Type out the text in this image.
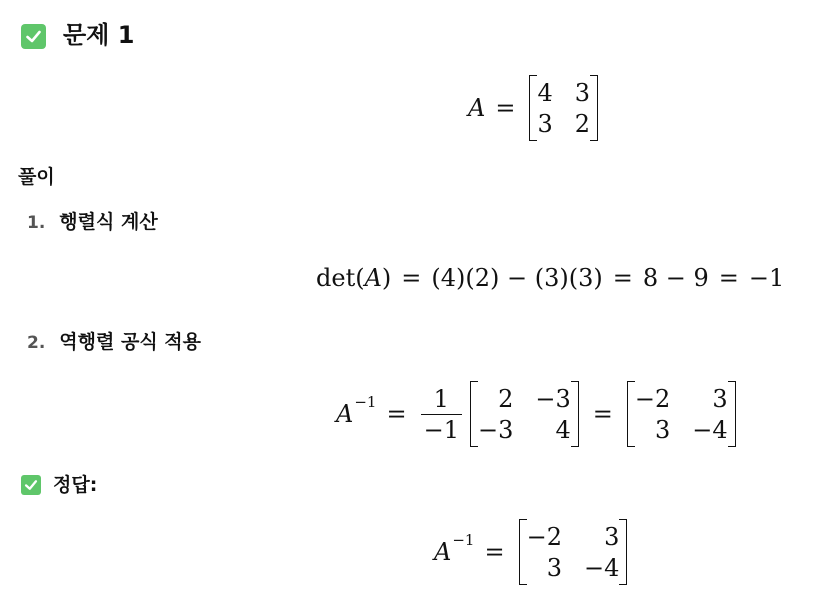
문제 1
A =
4 3
3 2
풀이
1. 행렬식 계산
det(A) = (4)(2) − (3)(3) = 8 − 9 = −1
2. 역행렬 공식 적용
$A -1 = \frac{1}{-1}$	2 −3
−3	4
=
−2	3
3 −4
정답:
A −1 =
−2	3
3 −4
